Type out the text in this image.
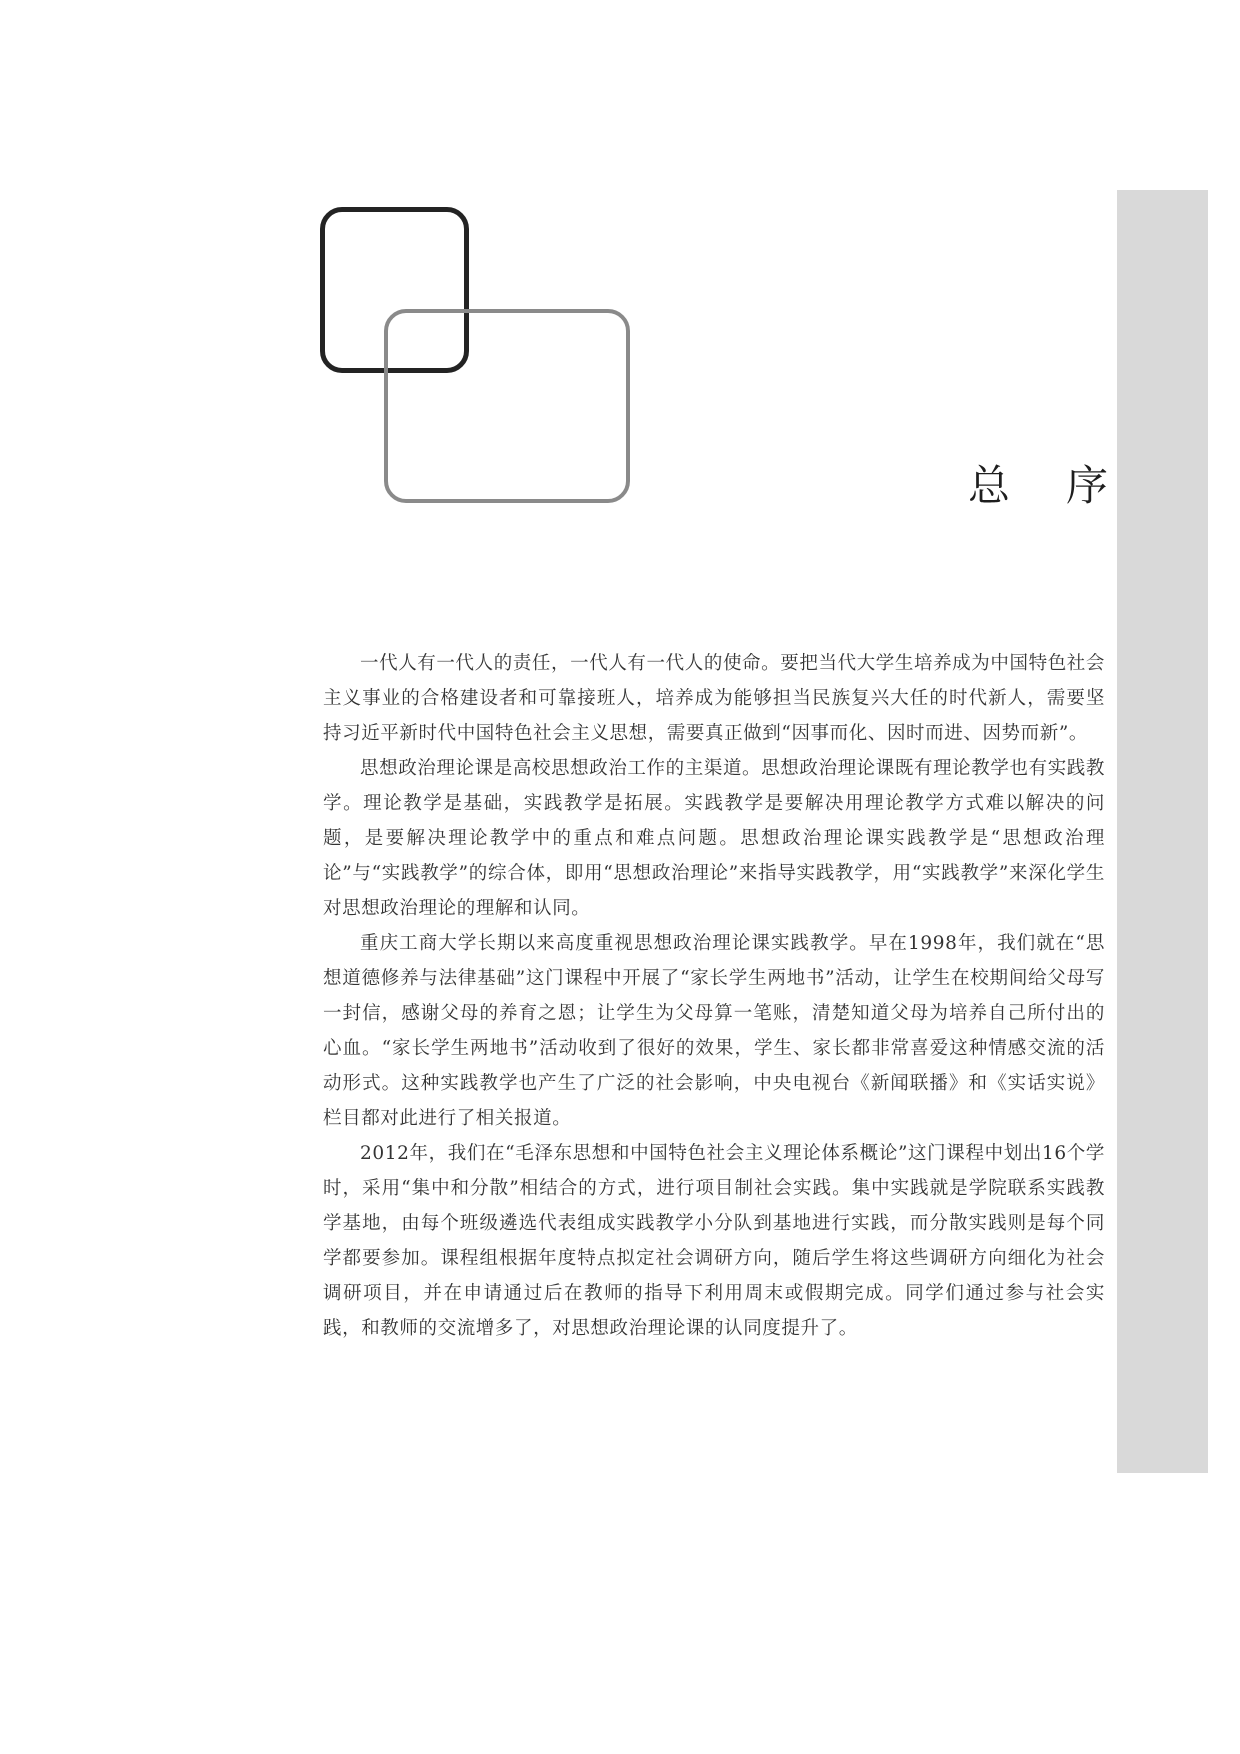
总 序

一代人有一代人的责任，一代人有一代人的使命。要把当代大学生培养成为中国特色社会主义事业的合格建设者和可靠接班人，培养成为能够担当民族复兴大任的时代新人，需要坚持习近平新时代中国特色社会主义思想，需要真正做到“因事而化、因时而进、因势而新”。

思想政治理论课是高校思想政治工作的主渠道。思想政治理论课既有理论教学也有实践教学。理论教学是基础，实践教学是拓展。实践教学是要解决用理论教学方式难以解决的问题，是要解决理论教学中的重点和难点问题。思想政治理论课实践教学是“思想政治理论”与“实践教学”的综合体，即用“思想政治理论”来指导实践教学，用“实践教学”来深化学生对思想政治理论的理解和认同。

重庆工商大学长期以来高度重视思想政治理论课实践教学。早在1998年，我们就在“思想道德修养与法律基础”这门课程中开展了“家长学生两地书”活动，让学生在校期间给父母写一封信，感谢父母的养育之恩；让学生为父母算一笔账，清楚知道父母为培养自己所付出的心血。“家长学生两地书”活动收到了很好的效果，学生、家长都非常喜爱这种情感交流的活动形式。这种实践教学也产生了广泛的社会影响，中央电视台《新闻联播》和《实话实说》栏目都对此进行了相关报道。

2012年，我们在“毛泽东思想和中国特色社会主义理论体系概论”这门课程中划出16个学时，采用“集中和分散”相结合的方式，进行项目制社会实践。集中实践就是学院联系实践教学基地，由每个班级遴选代表组成实践教学小分队到基地进行实践，而分散实践则是每个同学都要参加。课程组根据年度特点拟定社会调研方向，随后学生将这些调研方向细化为社会调研项目，并在申请通过后在教师的指导下利用周末或假期完成。同学们通过参与社会实践，和教师的交流增多了，对思想政治理论课的认同度提升了。
